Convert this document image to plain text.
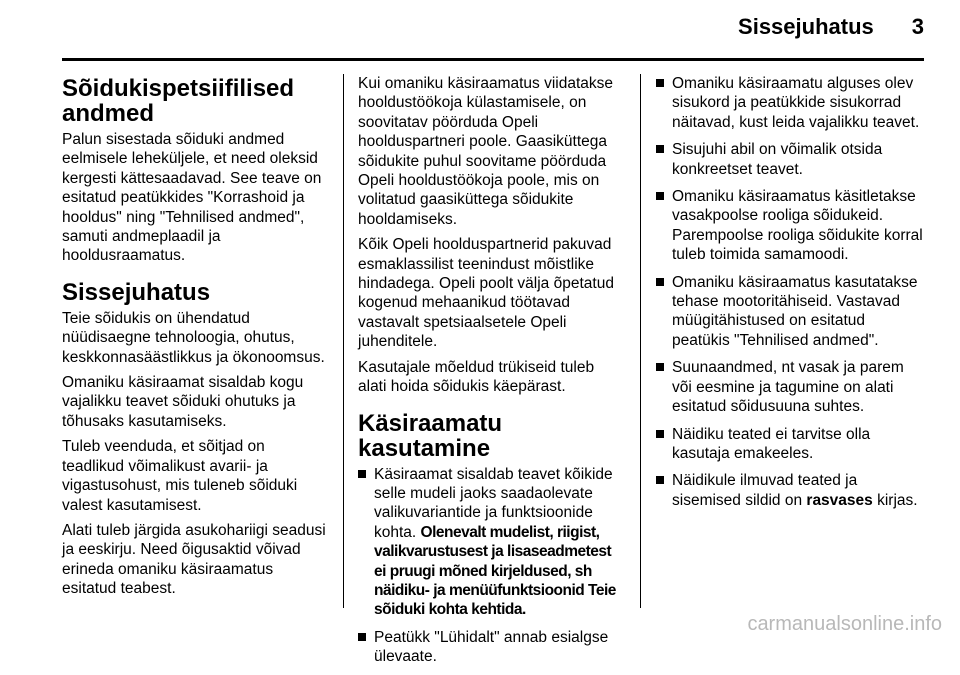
Sissejuhatus 3
Sõidukispetsiifilised andmed

Palun sisestada sõiduki andmed eelmisele leheküljele, et need oleksid kergesti kättesaadavad. See teave on esitatud peatükkides "Korrashoid ja hooldus" ning "Tehnilised andmed", samuti andmeplaadil ja hooldusraamatus.

Sissejuhatus

Teie sõidukis on ühendatud nüüdisaegne tehnoloogia, ohutus, keskkonnasäästlikkus ja ökonoomsus.

Omaniku käsiraamat sisaldab kogu vajalikku teavet sõiduki ohutuks ja tõhusaks kasutamiseks.

Tuleb veenduda, et sõitjad on teadlikud võimalikust avarii- ja vigastusohust, mis tuleneb sõiduki valest kasutamisest.

Alati tuleb järgida asukohariigi seadusi ja eeskirju. Need õigusaktid võivad erineda omaniku käsiraamatus esitatud teabest.

Kui omaniku käsiraamatus viidatakse hooldustöökoja külastamisele, on soovitatav pöörduda Opeli hoolduspartneri poole. Gaasiküttega sõidukite puhul soovitame pöörduda Opeli hooldustöökoja poole, mis on volitatud gaasiküttega sõidukite hooldamiseks.

Kõik Opeli hoolduspartnerid pakuvad esmaklassilist teenindust mõistlike hindadega. Opeli poolt välja õpetatud kogenud mehaanikud töötavad vastavalt spetsiaalsetele Opeli juhenditele.

Kasutajale mõeldud trükiseid tuleb alati hoida sõidukis käepärast.

Käsiraamatu kasutamine
Käsiraamat sisaldab teavet kõikide selle mudeli jaoks saadaolevate valikuvariantide ja funktsioonide kohta. Olenevalt mudelist, riigist, valikvarustusest ja lisaseadmetest ei pruugi mõned kirjeldused, sh näidiku- ja menüüfunktsioonid Teie sõiduki kohta kehtida.
Peatükk "Lühidalt" annab esialgse ülevaate.
Omaniku käsiraamatu alguses olev sisukord ja peatükkide sisukorrad näitavad, kust leida vajalikku teavet.
Sisujuhi abil on võimalik otsida konkreetset teavet.
Omaniku käsiraamatus käsitletakse vasakpoolse rooliga sõidukeid. Parempoolse rooliga sõidukite korral tuleb toimida samamoodi.
Omaniku käsiraamatus kasutatakse tehase mootoritähiseid. Vastavad müügitähistused on esitatud peatükis "Tehnilised andmed".
Suunaandmed, nt vasak ja parem või eesmine ja tagumine on alati esitatud sõidusuuna suhtes.
Näidiku teated ei tarvitse olla kasutaja emakeeles.
Näidikule ilmuvad teated ja sisemised sildid on rasvases kirjas.
carmanualsonline.info
